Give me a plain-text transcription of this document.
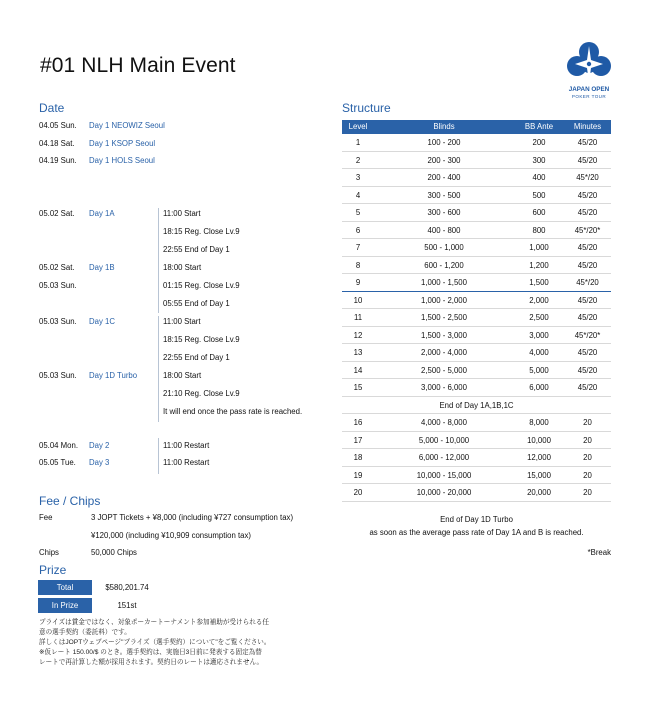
#01 NLH Main Event
JAPAN OPEN
POKER TOUR
Date
04.05 Sun. Day 1 NEOWIZ Seoul
04.18 Sat. Day 1 KSOP Seoul
04.19 Sun. Day 1 HOLS Seoul
05.02 Sat. Day 1A	11:00 Start
18:15 Reg. Close Lv.9
22:55 End of Day 1
05.02 Sat. Day 1B	18:00 Start
05.03 Sun.	01:15 Reg. Close Lv.9
05:55 End of Day 1
05.03 Sun. Day 1C	11:00 Start
18:15 Reg. Close Lv.9
22:55 End of Day 1
05.03 Sun. Day 1D Turbo	18:00 Start
21:10 Reg. Close Lv.9
It will end once the pass rate is reached.
05.04 Mon. Day 2	11:00 Restart
05.05 Tue. Day 3	11:00 Restart
Fee / Chips
Fee	3 JOPT Tickets + ¥8,000 (including ¥727 consumption tax)
¥120,000 (including ¥10,909 consumption tax)
Chips	50,000 Chips
Prize
Total	$580,201.74
In Prize	151st
プライズは賞金ではなく、対象ポーカートーナメント参加補助が受けられる任
意の選手契約（委託料）です。
詳しくはJOPTウェブページ"プライズ（選手契約）について"をご覧ください。
※仮レート 150.00/$ のとき。選手契約は、実施日3日前に発表する固定為替
レートで再計算した額が採用されます。契約日のレートは適応されません。
Structure
Level	Blinds	BB Ante	Minutes
1	100 - 200	200	45/20
2	200 - 300	300	45/20
3	200 - 400	400	45*/20
4	300 - 500	500	45/20
5	300 - 600	600	45/20
6	400 - 800	800	45*/20*
7	500 - 1,000	1,000	45/20
8	600 - 1,200	1,200	45/20
9	1,000 - 1,500	1,500	45*/20
10	1,000 - 2,000	2,000	45/20
11	1,500 - 2,500	2,500	45/20
12	1,500 - 3,000	3,000	45*/20*
13	2,000 - 4,000	4,000	45/20
14	2,500 - 5,000	5,000	45/20
15	3,000 - 6,000	6,000	45/20
End of Day 1A,1B,1C
16	4,000 - 8,000	8,000	20
17	5,000 - 10,000	10,000	20
18	6,000 - 12,000	12,000	20
19	10,000 - 15,000	15,000	20
20	10,000 - 20,000	20,000	20
End of Day 1D Turbo
as soon as the average pass rate of Day 1A and B is reached.
*Break
